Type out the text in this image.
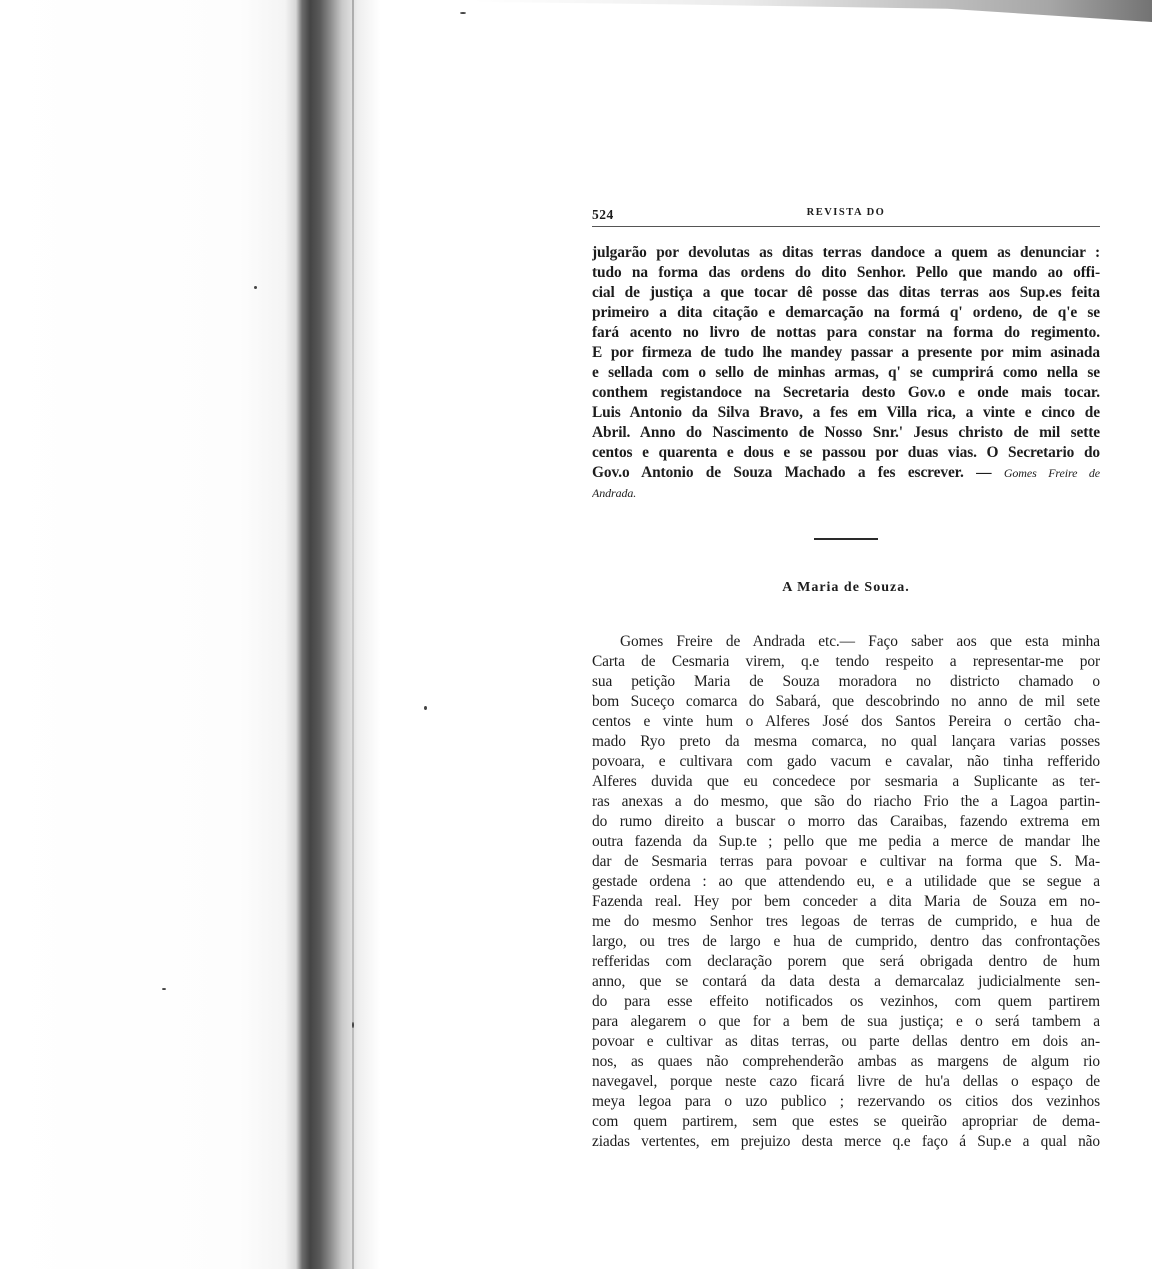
524	REVISTA DO
julgarão por devolutas as ditas terras dandoce a quem as denunciar :
tudo na forma das ordens do dito Senhor. Pello que mando ao offi-
cial de justiça a que tocar dê posse das ditas terras aos Sup.es feita
primeiro a dita citação e demarcação na formá q' ordeno, de q'e se
fará acento no livro de nottas para constar na forma do regimento.
E por firmeza de tudo lhe mandey passar a presente por mim asinada
e sellada com o sello de minhas armas, q' se cumprirá como nella se
conthem registandoce na Secretaria desto Gov.o e onde mais tocar.
Luis Antonio da Silva Bravo, a fes em Villa rica, a vinte e cinco de
Abril. Anno do Nascimento de Nosso Snr.' Jesus christo de mil sette
centos e quarenta e dous e se passou por duas vias. O Secretario do
Gov.o Antonio de Souza Machado a fes escrever. — Gomes Freire de
Andrada.
A Maria de Souza.
Gomes Freire de Andrada etc.— Faço saber aos que esta minha
Carta de Cesmaria virem, q.e tendo respeito a representar-me por
sua petição Maria de Souza moradora no districto chamado o
bom Suceço comarca do Sabará, que descobrindo no anno de mil sete
centos e vinte hum o Alferes José dos Santos Pereira o certão cha-
mado Ryo preto da mesma comarca, no qual lançara varias posses
povoara, e cultivara com gado vacum e cavalar, não tinha refferido
Alferes duvida que eu concedece por sesmaria a Suplicante as ter-
ras anexas a do mesmo, que são do riacho Frio the a Lagoa partin-
do rumo direito a buscar o morro das Caraibas, fazendo extrema em
outra fazenda da Sup.te ; pello que me pedia a merce de mandar lhe
dar de Sesmaria terras para povoar e cultivar na forma que S. Ma-
gestade ordena : ao que attendendo eu, e a utilidade que se segue a
Fazenda real. Hey por bem conceder a dita Maria de Souza em no-
me do mesmo Senhor tres legoas de terras de cumprido, e hua de
largo, ou tres de largo e hua de cumprido, dentro das confrontações
refferidas com declaração porem que será obrigada dentro de hum
anno, que se contará da data desta a demarcalaz judicialmente sen-
do para esse effeito notificados os vezinhos, com quem partirem
para alegarem o que for a bem de sua justiça; e o será tambem a
povoar e cultivar as ditas terras, ou parte dellas dentro em dois an-
nos, as quaes não comprehenderão ambas as margens de algum rio
navegavel, porque neste cazo ficará livre de hu'a dellas o espaço de
meya legoa para o uzo publico ; rezervando os citios dos vezinhos
com quem partirem, sem que estes se queirão apropriar de dema-
ziadas vertentes, em prejuizo desta merce q.e faço á Sup.e a qual não
